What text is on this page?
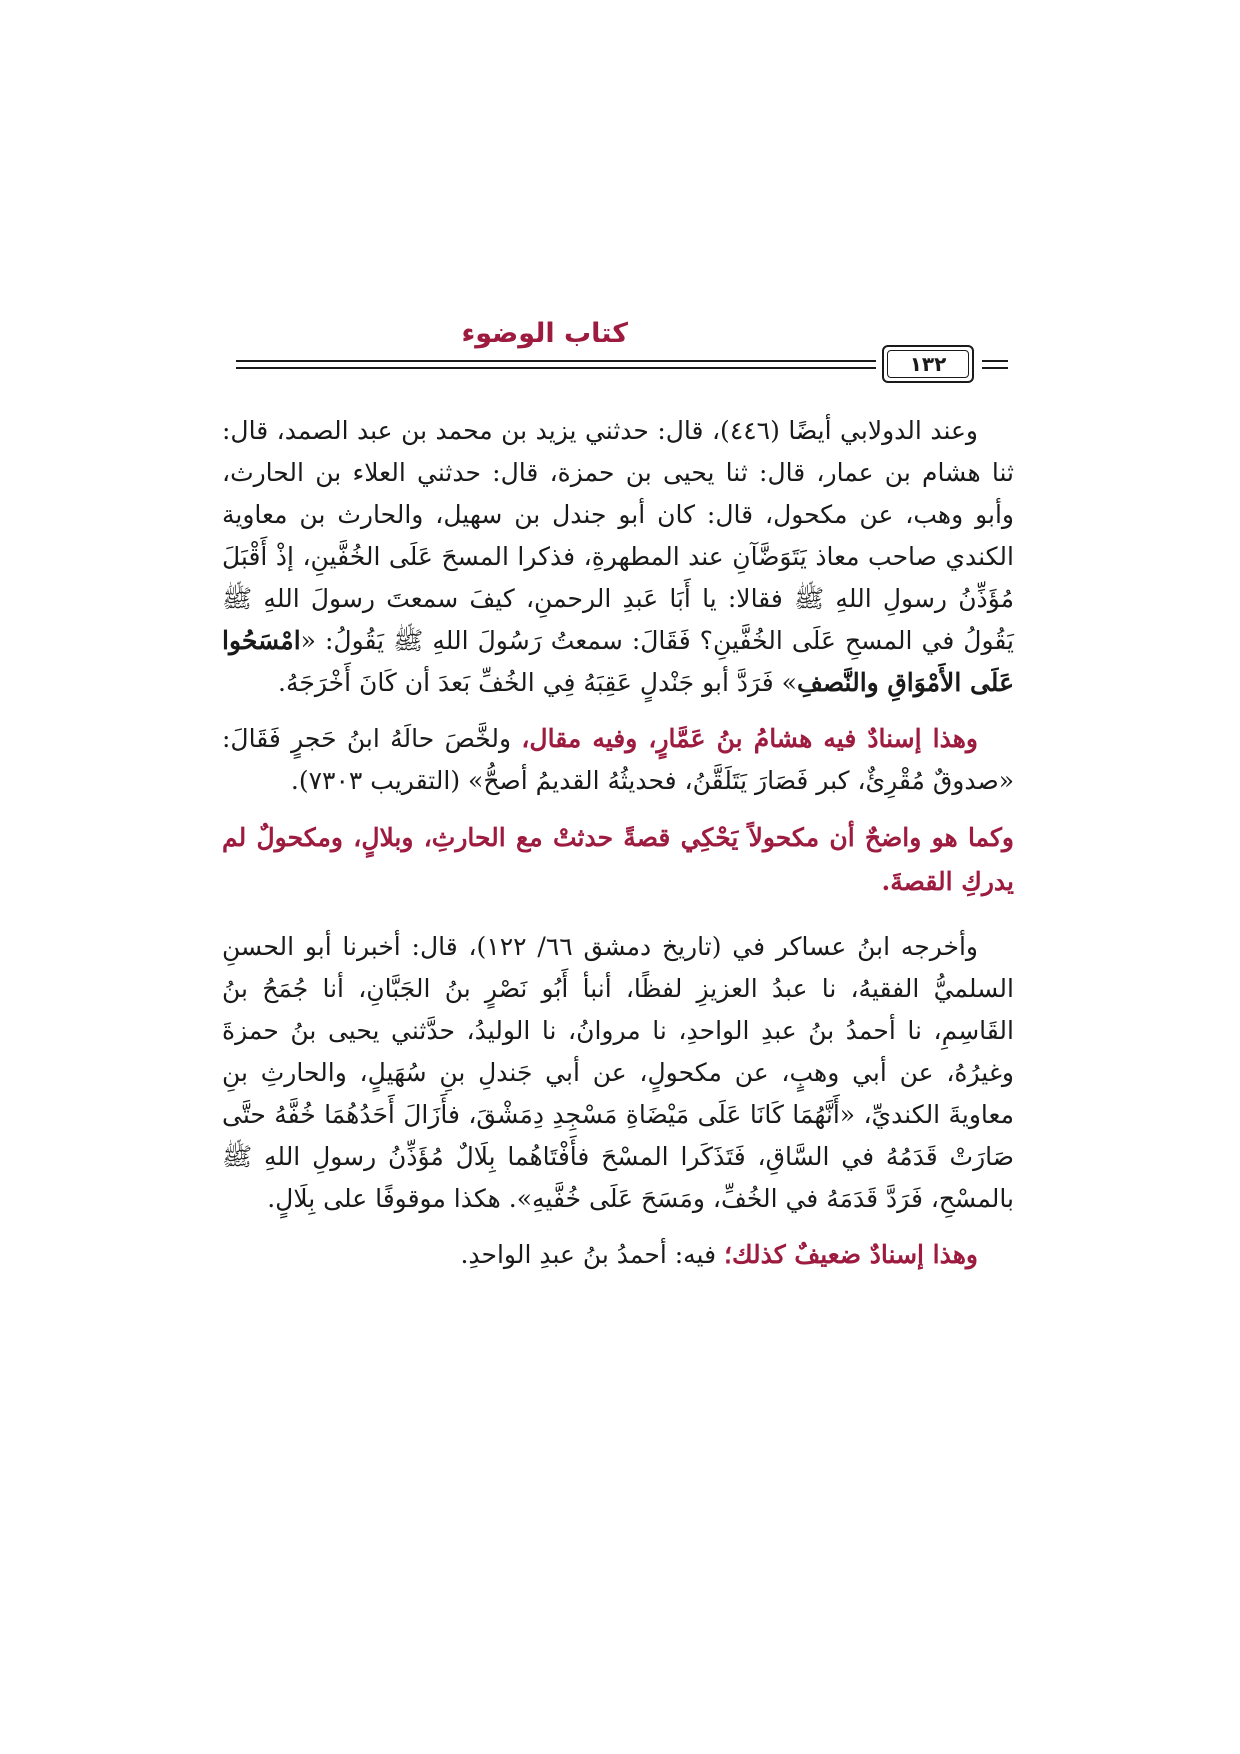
كتاب الوضوء
١٣٢

وعند الدولابي أيضًا (٤٤٦)، قال: حدثني يزيد بن محمد بن عبد الصمد، قال: ثنا هشام بن عمار، قال: ثنا يحيى بن حمزة، قال: حدثني العلاء بن الحارث، وأبو وهب، عن مكحول، قال: كان أبو جندل بن سهيل، والحارث بن معاوية الكندي صاحب معاذ يَتَوَضَّآنِ عند المطهرةِ، فذكرا المسحَ عَلَى الخُفَّينِ، إذْ أَقْبَلَ مُؤَذِّنُ رسولِ اللهِ ﷺ فقالا: يا أَبَا عَبدِ الرحمنِ، كيفَ سمعتَ رسولَ اللهِ ﷺ يَقُولُ في المسحِ عَلَى الخُفَّينِ؟ فَقَالَ: سمعتُ رَسُولَ اللهِ ﷺ يَقُولُ: «امْسَحُوا عَلَى الأَمْوَاقِ والنَّصفِ» فَرَدَّ أبو جَنْدلٍ عَقِبَهُ فِي الخُفِّ بَعدَ أن كَانَ أَخْرَجَهُ.

وهذا إسنادٌ فيه هشامُ بنُ عَمَّارٍ، وفيه مقال، ولخَّصَ حالَهُ ابنُ حَجرٍ فَقَالَ: «صدوقٌ مُقْرِئٌ، كبر فَصَارَ يَتَلَقَّنُ، فحديثُهُ القديمُ أصحُّ» (التقريب ٧٣٠٣).

وكما هو واضحٌ أن مكحولاً يَحْكِي قصةً حدثتْ مع الحارثِ، وبلالٍ، ومكحولٌ لم يدركِ القصةَ.

وأخرجه ابنُ عساكر في (تاريخ دمشق ٦٦/ ١٢٢)، قال: أخبرنا أبو الحسنِ السلميُّ الفقيهُ، نا عبدُ العزيزِ لفظًا، أنبأ أَبُو نَصْرٍ بنُ الجَبَّانِ، أنا جُمَحُ بنُ القَاسِمِ، نا أحمدُ بنُ عبدِ الواحدِ، نا مروانُ، نا الوليدُ، حدَّثني يحيى بنُ حمزةَ وغيرُهُ، عن أبي وهبٍ، عن مكحولٍ، عن أبي جَندلِ بنِ سُهَيلٍ، والحارثِ بنِ معاويةَ الكنديِّ، «أَنَّهُمَا كَانَا عَلَى مَيْضَاةِ مَسْجِدِ دِمَشْقَ، فأَزَالَ أَحَدُهُمَا خُفَّهُ حتَّى صَارَتْ قَدَمُهُ في السَّاقِ، فَتَذَكَرا المسْحَ فأَفْتَاهُما بِلَالٌ مُؤَذِّنُ رسولِ اللهِ ﷺ بالمسْحِ، فَرَدَّ قَدَمَهُ في الخُفِّ، ومَسَحَ عَلَى خُفَّيهِ». هكذا موقوفًا على بِلَالٍ.

وهذا إسنادٌ ضعيفٌ كذلك؛ فيه: أحمدُ بنُ عبدِ الواحدِ.
